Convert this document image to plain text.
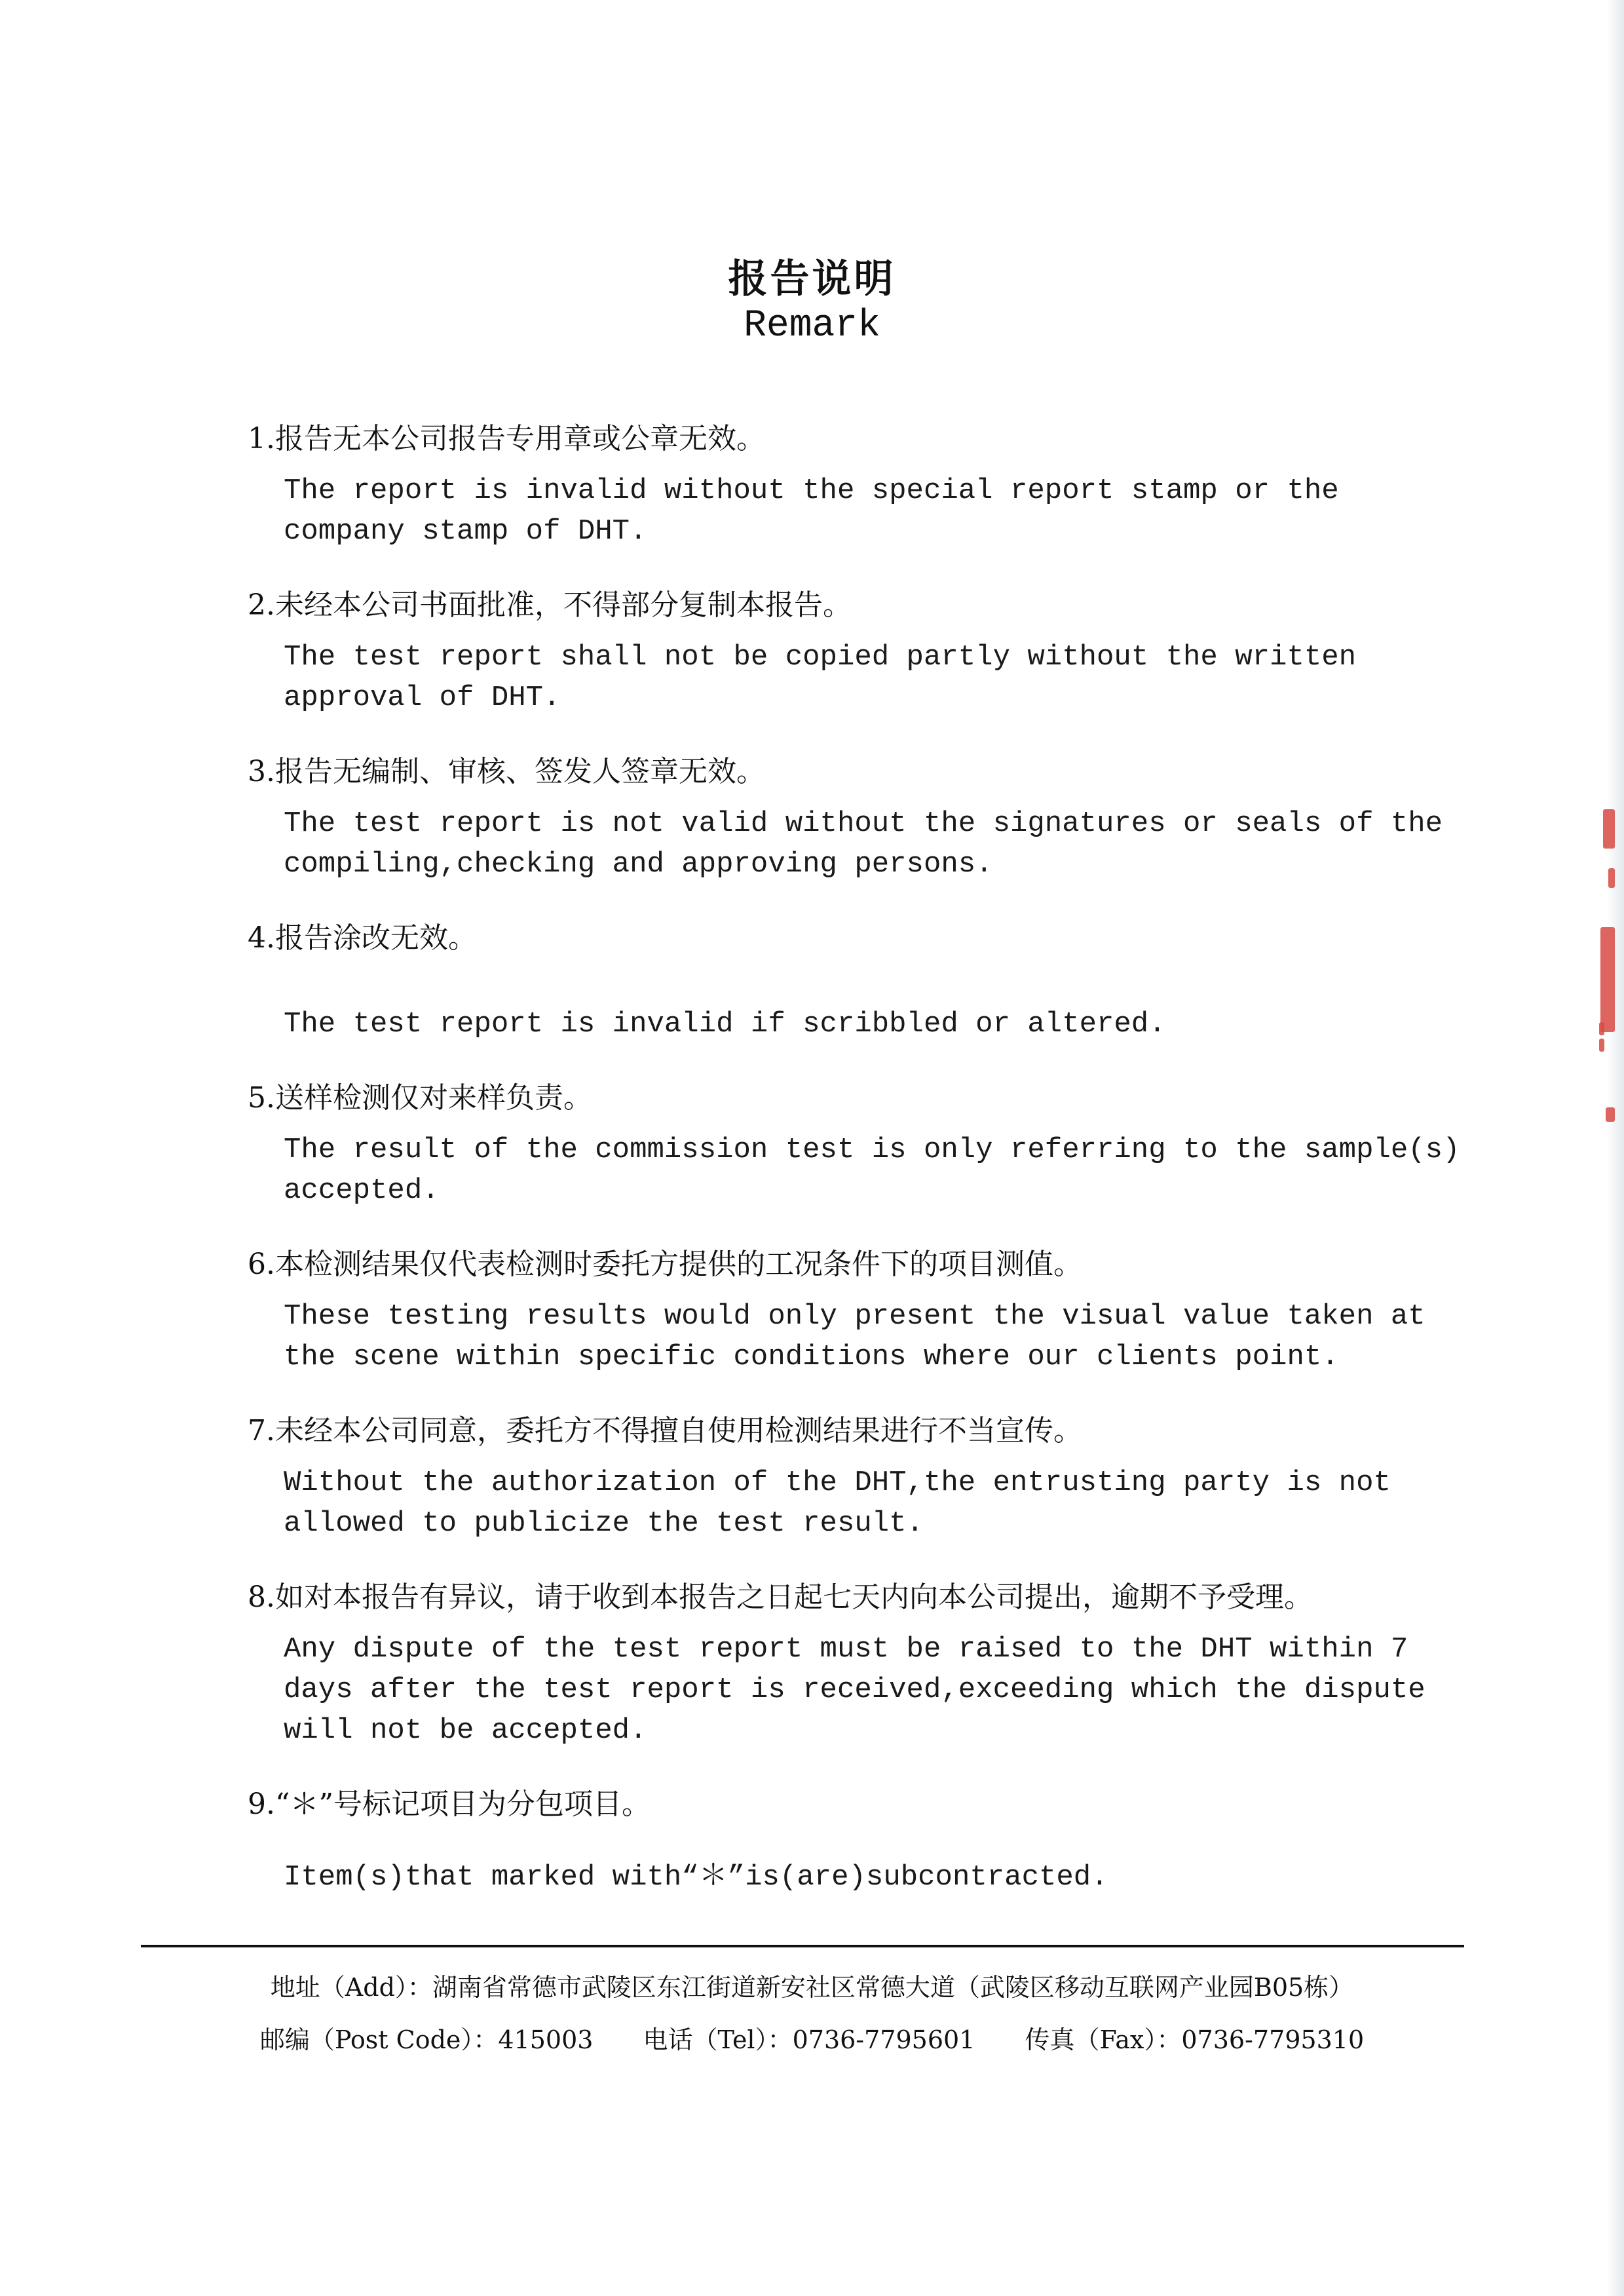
报告说明
Remark
1.报告无本公司报告专用章或公章无效。
The report is invalid without the special report stamp or the company stamp of DHT.
2.未经本公司书面批准，不得部分复制本报告。
The test report shall not be copied partly without the written approval of DHT.
3.报告无编制、审核、签发人签章无效。
The test report is not valid without the signatures or seals of the compiling,checking and approving persons.
4.报告涂改无效。
The test report is invalid if scribbled or altered.
5.送样检测仅对来样负责。
The result of the commission test is only referring to the sample(s) accepted.
6.本检测结果仅代表检测时委托方提供的工况条件下的项目测值。
These testing results would only present the visual value taken at the scene within specific conditions where our clients point.
7.未经本公司同意，委托方不得擅自使用检测结果进行不当宣传。
Without the authorization of the DHT,the entrusting party is not allowed to publicize the test result.
8.如对本报告有异议，请于收到本报告之日起七天内向本公司提出，逾期不予受理。
Any dispute of the test report must be raised to the DHT within 7 days after the test report is received,exceeding which the dispute will not be accepted.
9.“＊”号标记项目为分包项目。
Item(s)that marked with“＊”is(are)subcontracted.
地址（Add）：湖南省常德市武陵区东江街道新安社区常德大道（武陵区移动互联网产业园B05栋）
邮编（Post Code）：415003 电话（Tel）：0736-7795601 传真（Fax）：0736-7795310
